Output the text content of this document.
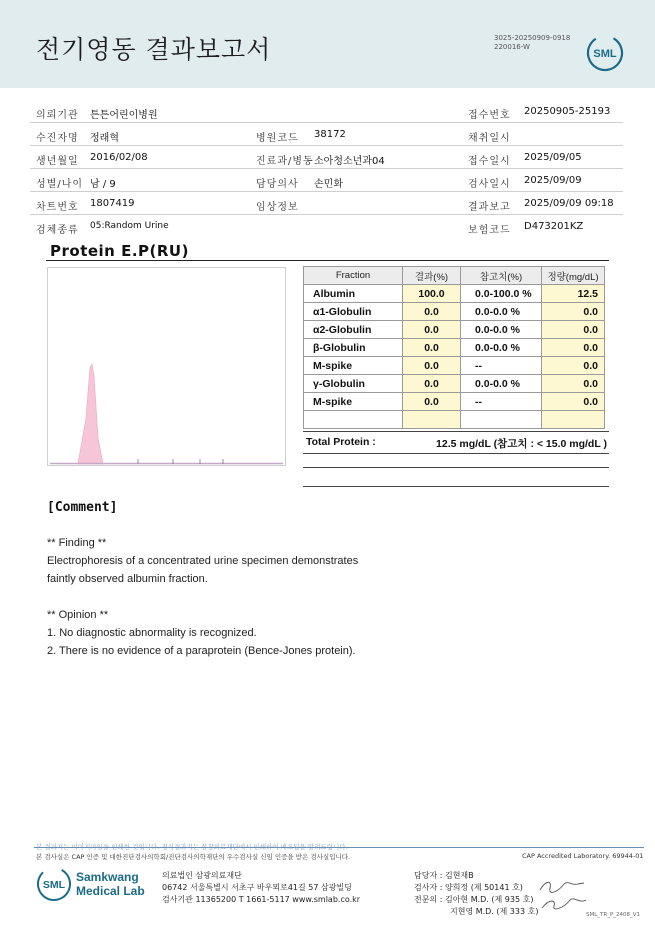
전기영동 결과보고서	3025-20250909-0918
220016-W
SML
의뢰기관 튼튼어린이병원	접수번호 20250905-25193
수진자명 정래혁	병원코드 38172	채취일시
생년월일 2016/02/08	진료과/병동 소아청소년과04	접수일시 2025/09/05
성별/나이 남 / 9	담당의사 손민화	검사일시 2025/09/09
차트번호 1807419	임상정보	결과보고 2025/09/09 09:18
검체종류 05:Random Urine	보험코드 D473201KZ
Protein E.P(RU)
Fraction	결과(%)	참고치(%)	정량(mg/dL)
Albumin	100.0	0.0-100.0 %	12.5
α1-Globulin	0.0	0.0-0.0 %	0.0
α2-Globulin	0.0	0.0-0.0 %	0.0
β-Globulin	0.0	0.0-0.0 %	0.0
M-spike	0.0	--	0.0
γ-Globulin	0.0	0.0-0.0 %	0.0
M-spike	0.0	--	0.0

Total Protein :	12.5 mg/dL (참고치 : < 15.0 mg/dL )
[Comment]
** Finding **
Electrophoresis of a concentrated urine specimen demonstrates
faintly observed albumin fraction.
** Opinion **
1. No diagnostic abnormality is recognized.
2. There is no evidence of a paraprotein (Bence-Jones protein).
본 결과지는 이미지파일을 인쇄한 것입니다. 정식결과지는 삼광의료재단에서 인쇄하여 배포됨을 알려드립니다.
본 검사실은 CAP 인증 및 대한진단검사의학회/진단검사의학재단의 우수검사실 신임 인증을 받은 검사실입니다.	CAP Accredited Laboratory. 69944-01
SML
Samkwang
Medical Lab
의료법인 삼광의료재단
06742 서울특별시 서초구 바우뫼로41길 57 삼광빌딩
검사기관 11365200 T 1661-5117 www.smlab.co.kr
담당자 : 김현재B
검사자 : 양희정 (제 50141 호)
전문의 : 김아현 M.D. (제 935 호)
지현영 M.D. (제 333 호)	SML_TR_P_2408_V1
